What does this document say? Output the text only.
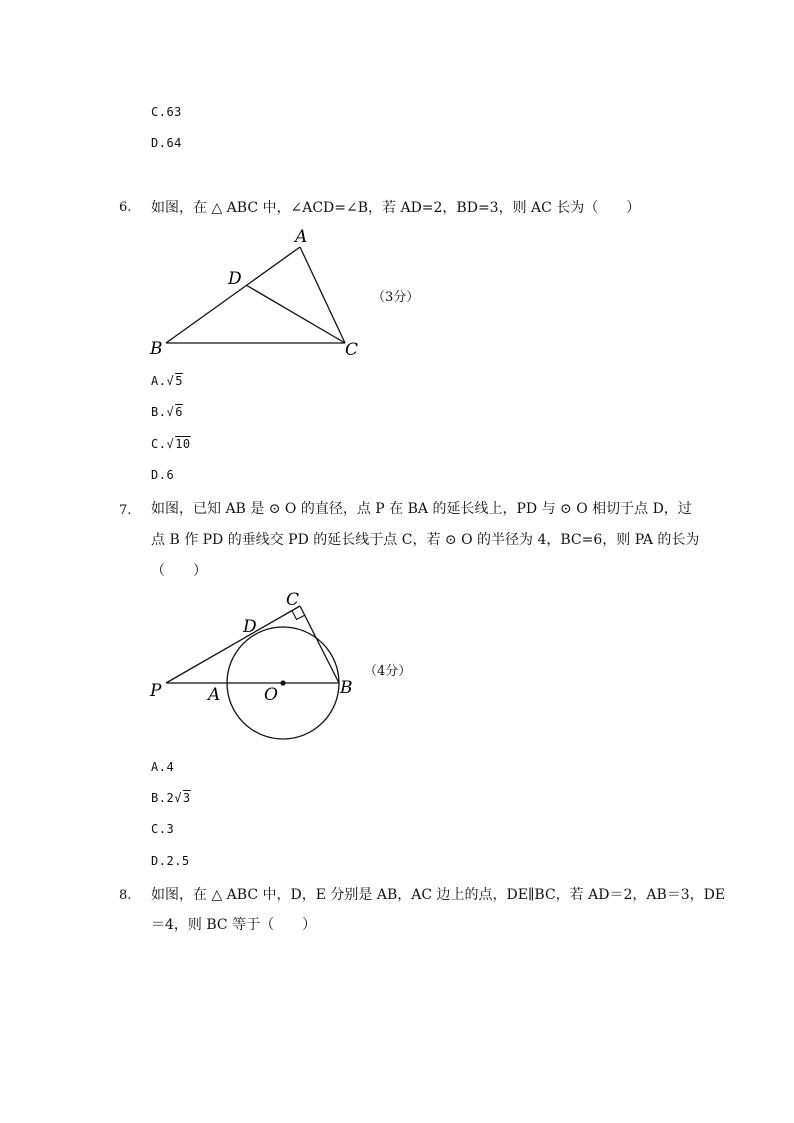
C.63
D.64
6. 如图，在 △ ABC 中，∠ACD=∠B，若 AD=2，BD=3，则 AC 长为（　　）
A
D
B	C
（3分）
A.√5
B.√6
C.√10
D.6
7. 如图，已知 AB 是 ⊙ O 的直径，点 P 在 BA 的延长线上，PD 与 ⊙ O 相切于点 D，过
点 B 作 PD 的垂线交 PD 的延长线于点 C，若 ⊙ O 的半径为 4，BC=6，则 PA 的长为
（　　）
C
D
P	A	O	B
（4分）
A.4
B.2√3
C.3
D.2.5
8. 如图，在 △ ABC 中，D，E 分别是 AB，AC 边上的点，DE∥BC，若 AD＝2，AB＝3，DE
＝4，则 BC 等于（　　）
